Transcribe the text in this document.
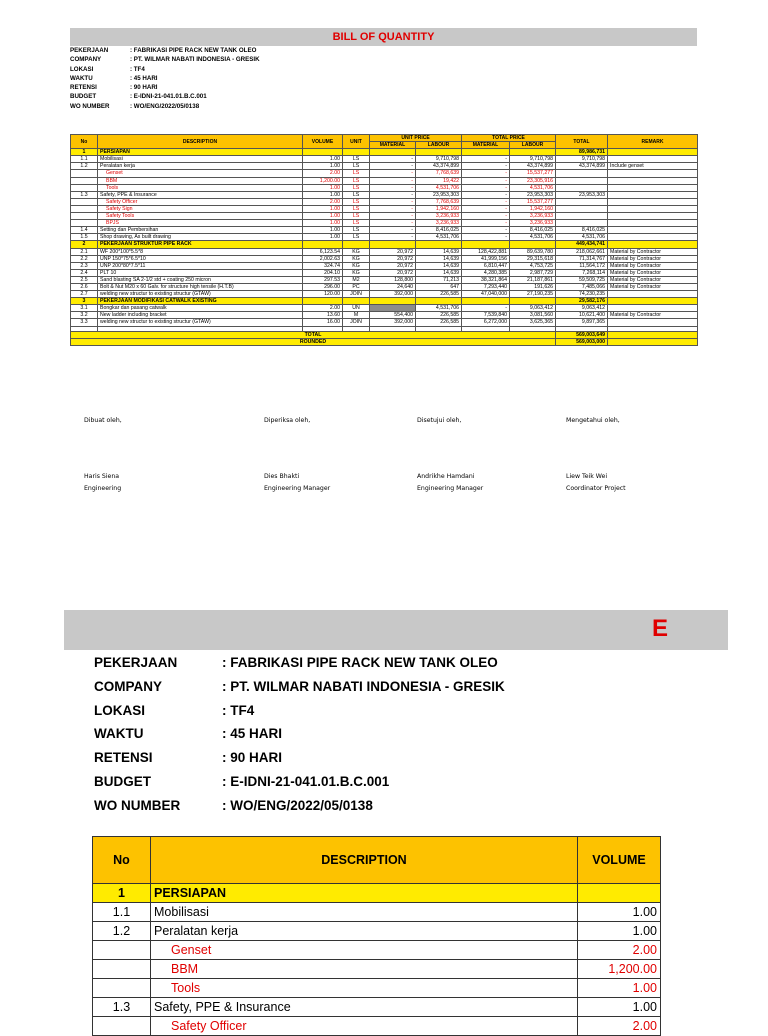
BILL OF QUANTITY
PEKERJAAN	: FABRIKASI PIPE RACK NEW TANK OLEO
COMPANY	: PT. WILMAR NABATI INDONESIA - GRESIK
LOKASI	: TF4
WAKTU	: 45 HARI
RETENSI	: 90 HARI
BUDGET	: E-IDNI-21-041.01.B.C.001
WO NUMBER	: WO/ENG/2022/05/0138
No	DESCRIPTION	VOLUME	UNIT	UNIT PRICE		TOTAL PRICE		TOTAL	REMARK
				MATERIAL	LABOUR	MATERIAL	LABOUR		
1	PERSIAPAN							89,986,731	
1.1	Mobilisasi	1.00	LS	-	9,710,798	-	9,710,798	9,710,798	
1.2	Peralatan kerja	1.00	LS	-	43,374,899	-	43,374,899	43,374,899	Include genset
	Genset	2.00	LS	-	7,768,639	-	15,537,277		
	BBM	1,200.00	LS	-	19,422	-	23,305,916		
	Tools	1.00	LS	-	4,531,706	-	4,531,706		
1.3	Safety, PPE & Insurance	1.00	LS	-	23,953,303	-	23,953,303	23,953,303	
	Safety Officer	2.00	LS	-	7,768,639	-	15,537,277		
	Safety Sign	1.00	LS	-	1,942,160	-	1,942,160		
	Safety Tools	1.00	LS	-	3,236,933	-	3,236,933		
	BPJS	1.00	LS	-	3,236,933	-	3,236,933		
1.4	Setting dan Pembersihan	1.00	LS	-	8,416,025	-	8,416,025	8,416,025	
1.5	Shop drawing, As built drawing	1.00	LS	-	4,531,706	-	4,531,706	4,531,706	
2	PEKERJAAN STRUKTUR PIPE RACK							449,434,741	
2.1	WF 200*100*5.5*8	6,123.54	KG	20,972	14,639	128,422,881	89,639,780	218,062,661	Material by Contractor
2.2	UNP 150*75*6.5*10	2,002.63	KG	20,972	14,639	41,999,156	29,315,618	71,314,767	Material by Contractor
2.3	UNP 200*80*7.5*11	324.74	KG	20,972	14,639	6,810,447	4,753,725	11,564,172	Material by Contractor
2.4	PLT 10	204.10	KG	20,972	14,639	4,280,385	2,987,729	7,268,114	Material by Contractor
2.5	Sand blasting SA 2-1/2 std + coating 250 micron	297.53	M2	128,800	71,213	38,321,864	21,187,861	59,509,725	Material by Contractor
2.6	Bolt & Nut M20 x 60 Galv. for structure high tensile (H.T.B)	296.00	PC	24,640	647	7,293,440	191,626	7,485,066	Material by Contractor
2.7	welding new structur to existing structur (GTAW)	120.00	JOIN	392,000	226,585	47,040,000	27,190,235	74,230,235	
3	PEKERJAAN MODIFIKASI CATWALK EXISTING							29,582,176	
3.1	Bongkar dan pasang catwalk	2.00	UN		4,531,706	-	9,063,412	9,063,412	
3.2	New ladder including bracket	13.60	M	554,400	226,585	7,539,840	3,081,560	10,621,400	Material by Contractor
3.3	welding new structur to existing structur (GTAW)	16.00	JOIN	392,000	226,585	6,272,000	3,625,365	9,897,365	

TOTAL								569,003,649	
ROUNDED								569,003,000	
Dibuat oleh,	Diperiksa oleh,	Disetujui oleh,	Mengetahui oleh,
Haris Siena	Dies Bhakti	Andrikhe Hamdani	Liew Teik Wei
Engineering	Engineering Manager	Engineering Manager	Coordinator Project
E
PEKERJAAN	: FABRIKASI PIPE RACK NEW TANK OLEO
COMPANY	: PT. WILMAR NABATI INDONESIA - GRESIK
LOKASI	: TF4
WAKTU	: 45 HARI
RETENSI	: 90 HARI
BUDGET	: E-IDNI-21-041.01.B.C.001
WO NUMBER	: WO/ENG/2022/05/0138
No	DESCRIPTION	VOLUME
1	PERSIAPAN	
1.1	Mobilisasi	1.00
1.2	Peralatan kerja	1.00
	Genset	2.00
	BBM	1,200.00
	Tools	1.00
1.3	Safety, PPE & Insurance	1.00
	Safety Officer	2.00
